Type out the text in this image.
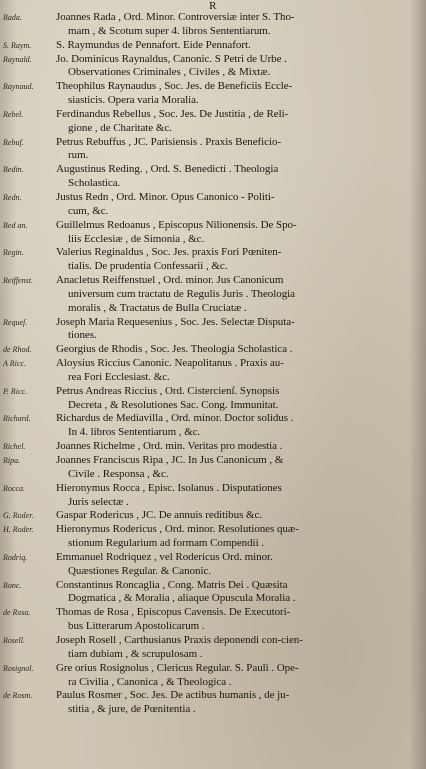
R
Rada.	Joannes Rada , Ord. Minor. Controversiæ inter S. Tho-
mam , & Scotum super 4. libros Sententiarum.
S. Raym.	S. Raymundus de Pennafort. Eide Pennafort.
Raynald.	Jo. Dominicus Raynaldus, Canonic. S Petri de Urbe .
Observationes Criminales , Civiles , & Mixtæ.
Raynaud.	Theophilus Raynaudus , Soc. Jes. de Beneficiis Eccle-
siasticis. Opera varia Moralia.
Rebel.	Ferdinandus Rebellus , Soc. Jes. De Justitia , de Reli-
gione , de Charitate &c.
Rebuf.	Petrus Rebuffus , JC. Parisiensis . Praxis Beneficio-
rum.
Redin.	Augustinus Reding. , Ord. S. Benedicti . Theologia
Scholastica.
Redn.	Justus Redn , Ord. Minor. Opus Canonico - Politi-
cum, &c.
Red an.	Guillelmus Redoanus , Episcopus Nilionensis. De Spo-
liis Ecclesiæ , de Simonia , &c.
Regin.	Valerius Reginaldus , Soc. Jes. praxis Fori Pœniten-
tialis. De prudentia Confessarii , &c.
Reiffenst.	Anacletus Reiffenstuel , Ord. minor. Jus Canonicum
universum cum tractatu de Regulis Juris . Theologia
moralis , & Tractatus de Bulla Cruciatæ .
Requeſ.	Joseph Maria Requesenius , Soc. Jes. Selectæ Disputa-
tiones.
de Rhod.	Georgius de Rhodis , Soc. Jes. Theologia Scholastica .
A Ricc.	Aloysius Riccius Canonic. Neapolitanus . Praxis au-
rea Fori Ecclesiast. &c.
P. Ricc.	Petrus Andreas Riccius , Ord. Cistercienſ. Synopsis
Decreta , & Resolutiones Sac. Cong. Immunitat.
Richard.	Richardus de Mediavilla , Ord. minor. Doctor solidus .
In 4. libros Sententiarum , &c.
Richel.	Joannes Richelme , Ord. min. Veritas pro modestia .
Ripa.	Joannes Franciscus Ripa , JC. In Jus Canonicum , &
Civile . Responsa , &c.
Rocca.	Hieronymus Rocca , Episc. Isolanus . Disputationes
Juris selectæ .
G. Roder.	Gaspar Rodericus , JC. De annuis reditibus &c.
H. Roder.	Hieronymus Rodericus , Ord. minor. Resolutiones quæ-
stionum Regularium ad formam Compendii .
Rodriq.	Emmanuel Rodriquez , vel Rodericus Ord. minor.
Quæstiones Regular. & Canonic.
Ronc.	Constantinus Roncaglia , Cong. Matris Dei . Quæsita
Dogmatica , & Moralia , aliaque Opuscula Moralia .
de Rosa.	Thomas de Rosa , Episcopus Cavensis. De Executori-
bus Litterarum Apostolicarum .
Rosell.	Joseph Rosell , Carthusianus Praxis deponendi con-cien-
tiam dubiam , & scrupulosam .
Rosignol.	Gre orius Rosignolus , Clericus Regular. S. Pauli . Ope-
ra Civilia , Canonica , & Theologica .
de Rosm.	Paulus Rosmer , Soc. Jes. De actibus humanis , de ju-
stitia , & jure, de Pœnitentia .
